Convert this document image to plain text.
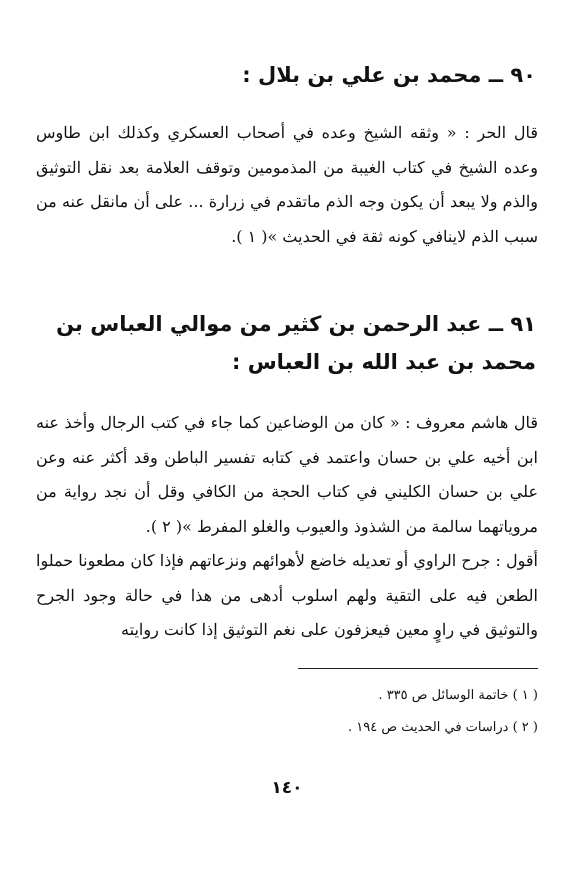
٩٠ ــ محمد بن علي بن بلال :

قال الحر : « وثقه الشيخ وعده في أصحاب العسكري وكذلك ابن طاوس وعده الشيخ في كتاب الغيبة من المذمومين وتوقف العلامة بعد نقل التوثيق والذم ولا يبعد أن يكون وجه الذم ماتقدم في زرارة ... على أن مانقل عنه من سبب الذم لاينافي كونه ثقة في الحديث »( ١ ).

٩١ ــ عبد الرحمن بن كثير من موالي العباس بن محمد بن عبد الله بن العباس :

قال هاشم معروف : « كان من الوضاعين كما جاء في كتب الرجال وأخذ عنه ابن أخيه علي بن حسان واعتمد في كتابه تفسير الباطن وقد أكثر عنه وعن علي بن حسان الكليني في كتاب الحجة من الكافي وقل أن نجد رواية من مروياتهما سالمة من الشذوذ والعيوب والغلو المفرط »( ٢ ).

أقول : جرح الراوي أو تعديله خاضع لأهوائهم ونزعاتهم فإذا كان مطعونا حملوا الطعن فيه على التقية ولهم اسلوب أدهى من هذا في حالة وجود الجرح والتوثيق في راوٍ معين فيعزفون على نغم التوثيق إذا كانت روايته

( ١ ) خاتمة الوسائل ص ٣٣٥ .

( ٢ ) دراسات في الحديث ص ١٩٤ .

١٤٠
